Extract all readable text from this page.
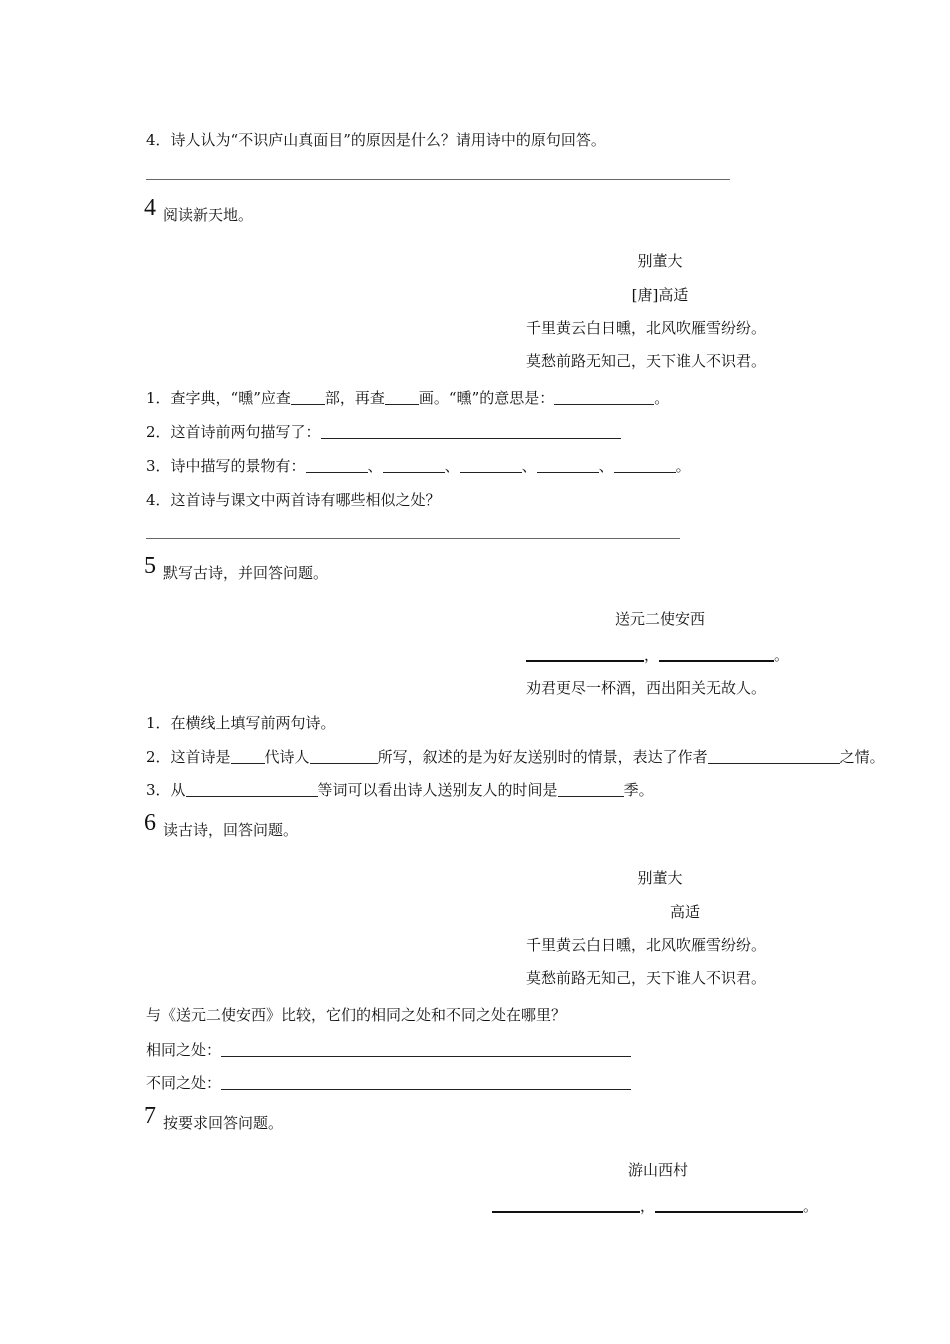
4．诗人认为“不识庐山真面目”的原因是什么？请用诗中的原句回答。
4 阅读新天地。
别董大
[唐]高适
千里黄云白日曛，北风吹雁雪纷纷。
莫愁前路无知己，天下谁人不识君。
1．查字典，“曛”应查 部，再查 画。“曛”的意思是：	。
2．这首诗前两句描写了：
3．诗中描写的景物有：	、	、	、	、	。
4．这首诗与课文中两首诗有哪些相似之处？
5 默写古诗，并回答问题。
送元二使安西
，	。
劝君更尽一杯酒，西出阳关无故人。
1．在横线上填写前两句诗。
2．这首诗是 代诗人	所写，叙述的是为好友送别时的情景，表达了作者	之情。
3．从	等词可以看出诗人送别友人的时间是	季。
6 读古诗，回答问题。
别董大
高适
千里黄云白日曛，北风吹雁雪纷纷。
莫愁前路无知己，天下谁人不识君。
与《送元二使安西》比较，它们的相同之处和不同之处在哪里？
相同之处：
不同之处：
7 按要求回答问题。
游山西村
，	。
